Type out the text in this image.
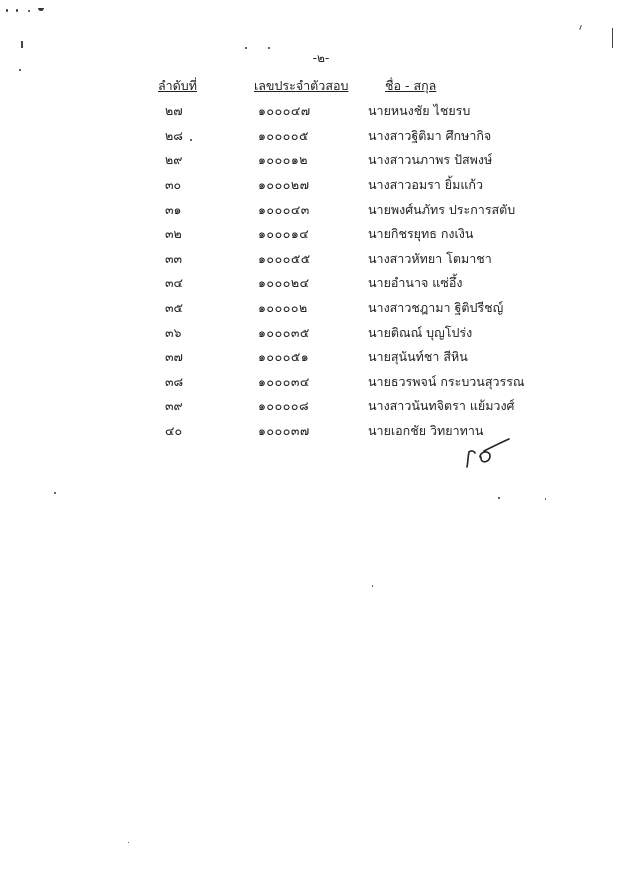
-๒-
ลำดับที่	เลขประจำตัวสอบ	ชื่อ - สกุล
๒๗	๑๐๐๐๔๗	นายหนงชัย ไชยรบ
๒๘	๑๐๐๐๐๕	นางสาวฐิติมา ศึกษากิจ
๒๙	๑๐๐๐๑๒	นางสาวนภาพร ปัสพงษ์
๓๐	๑๐๐๐๒๗	นางสาวอมรา ยิ้มแก้ว
๓๑	๑๐๐๐๔๓	นายพงศ์นภัทร ประการสตับ
๓๒	๑๐๐๐๑๔	นายกิชรยุทธ กงเงิน
๓๓	๑๐๐๐๕๕	นางสาวหัทยา โตมาชา
๓๔	๑๐๐๐๒๔	นายอำนาจ แซ่อึ้ง
๓๕	๑๐๐๐๐๒	นางสาวชฎามา ฐิติปรีชญ์
๓๖	๑๐๐๐๓๕	นายติณณ์ บุญโปร่ง
๓๗	๑๐๐๐๕๑	นายสุนันท์ชา สีหิน
๓๘	๑๐๐๐๓๔	นายธวรพจน์ กระบวนสุวรรณ
๓๙	๑๐๐๐๐๘	นางสาวนันทจิตรา แย้มวงศ์
๔๐	๑๐๐๐๓๗	นายเอกชัย วิทยาทาน
